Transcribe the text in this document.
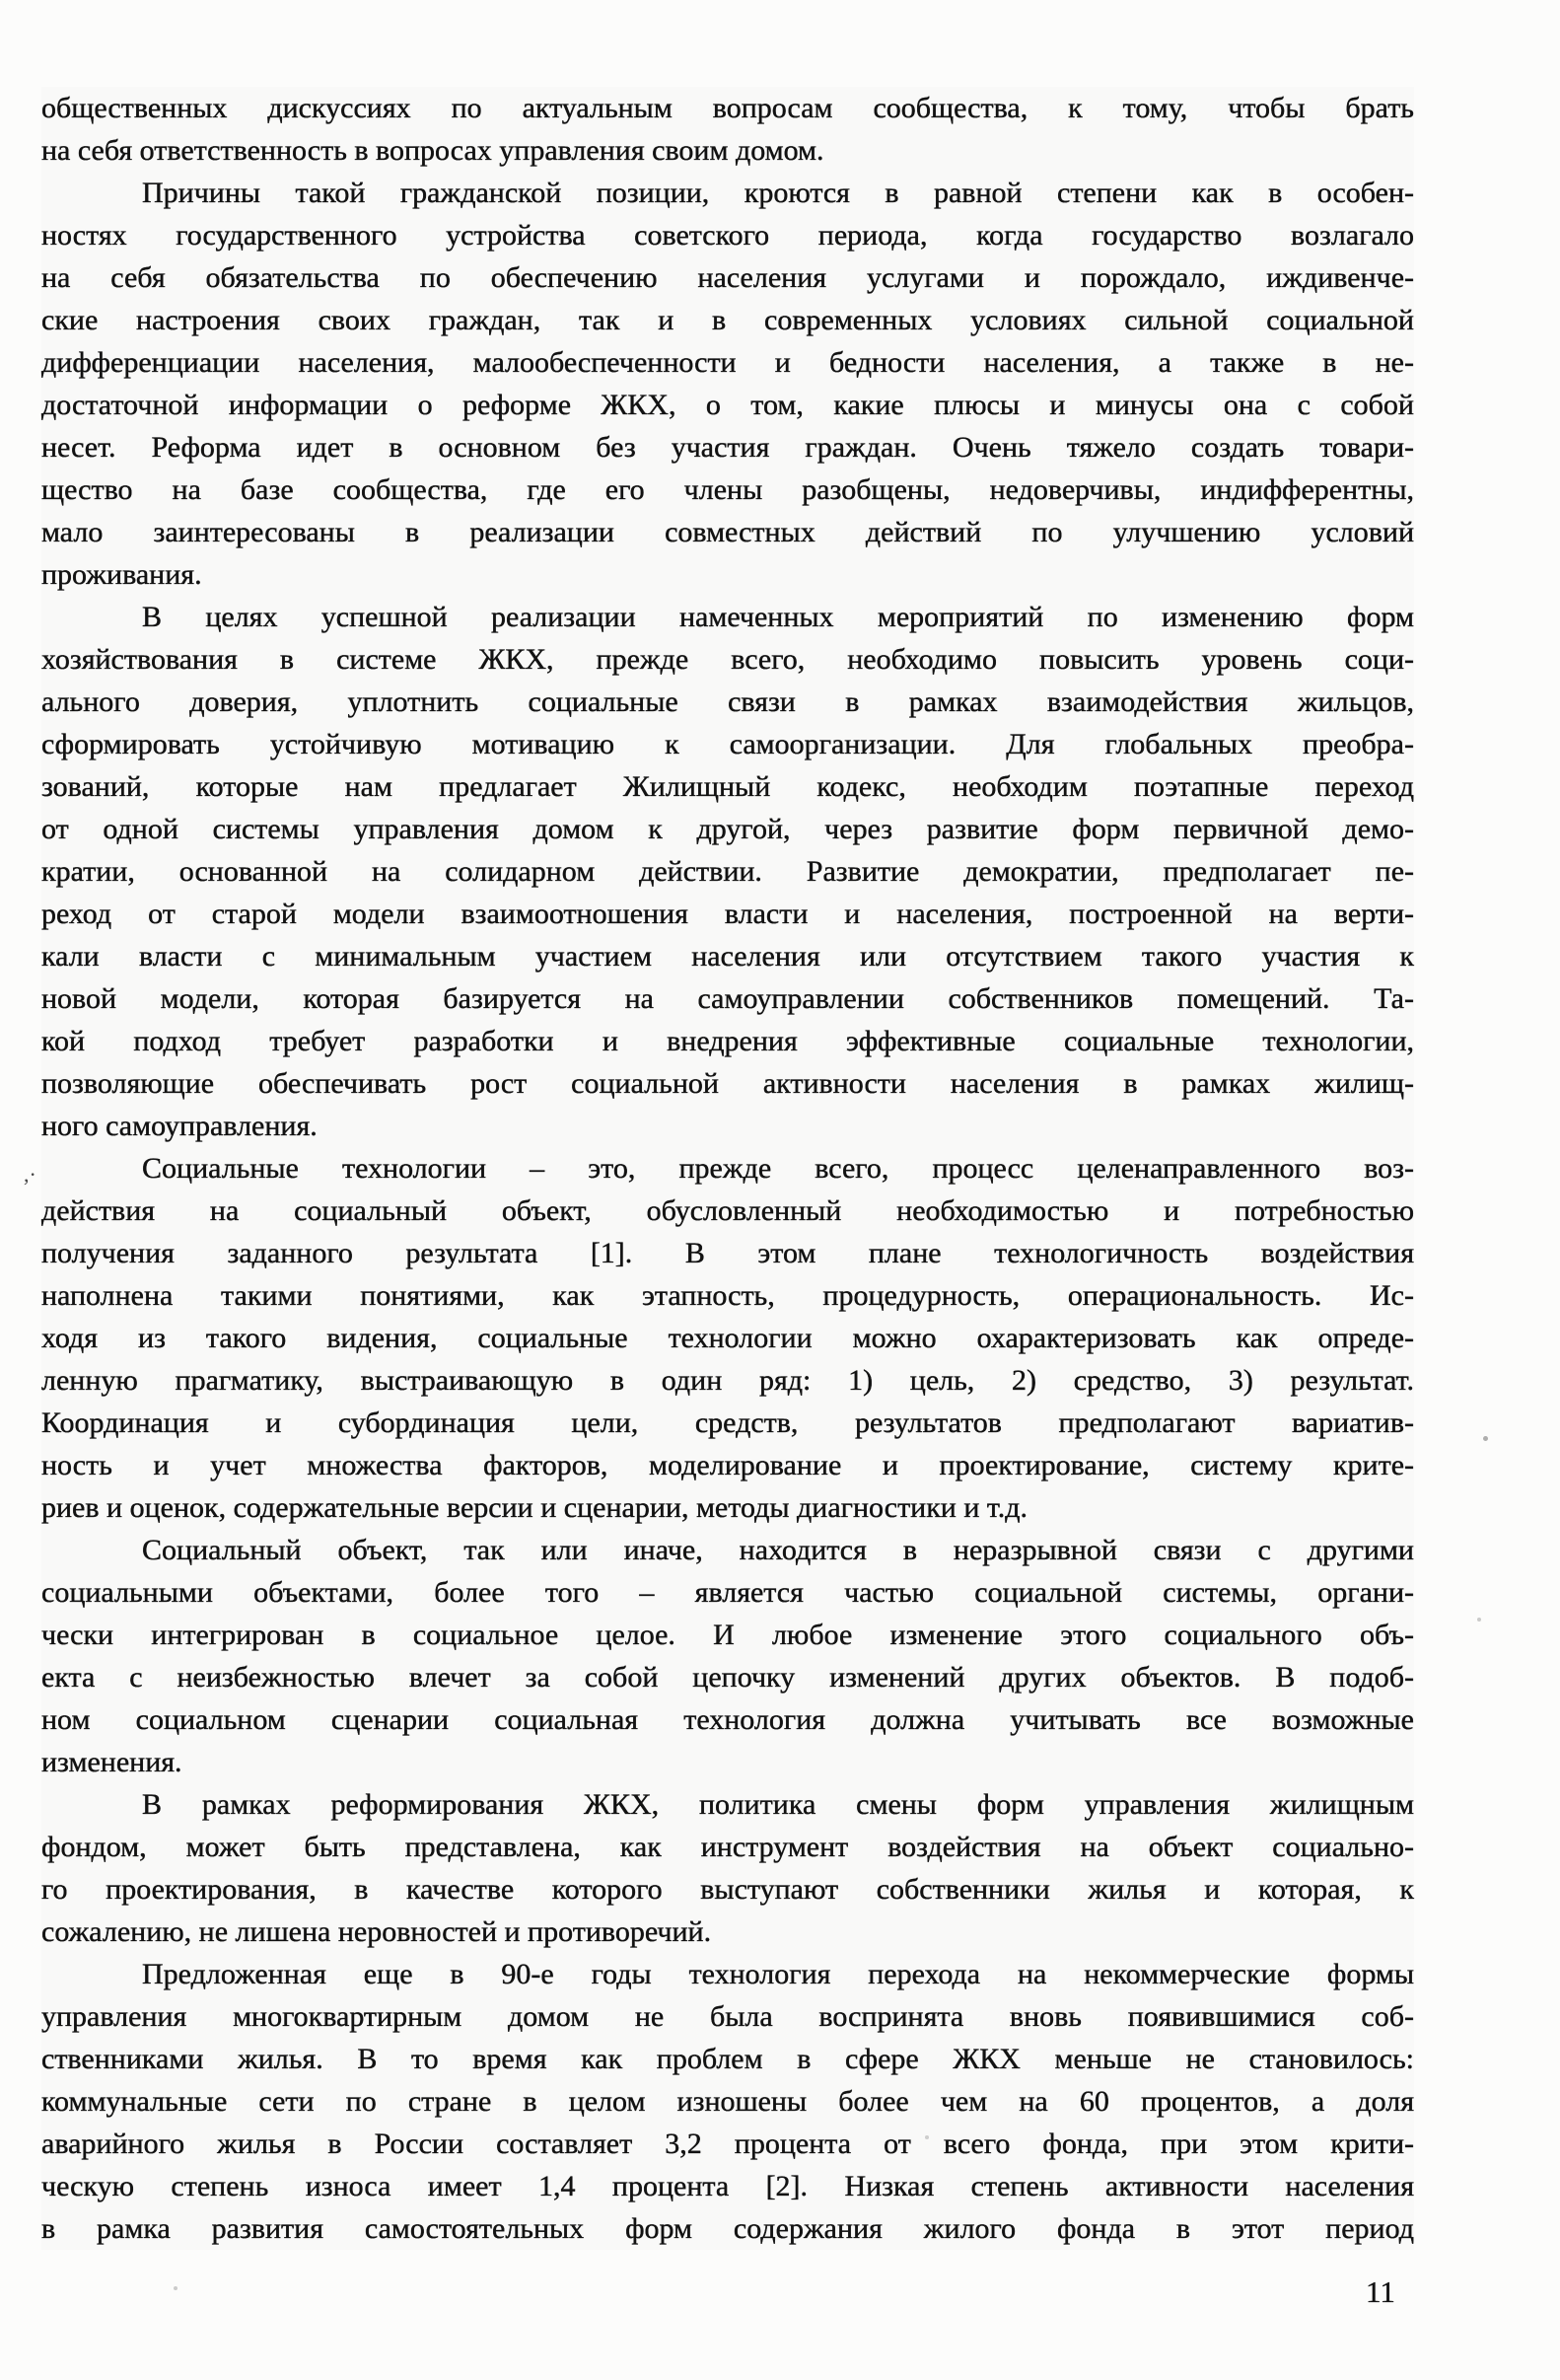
общественных дискуссиях по актуальным вопросам сообщества, к тому, чтобы брать
на себя ответственность в вопросах управления своим домом.
Причины такой гражданской позиции, кроются в равной степени как в особен-
ностях государственного устройства советского периода, когда государство возлагало
на себя обязательства по обеспечению населения услугами и порождало, иждивенче-
ские настроения своих граждан, так и в современных условиях сильной социальной
дифференциации населения, малообеспеченности и бедности населения, а также в не-
достаточной информации о реформе ЖКХ, о том, какие плюсы и минусы она с собой
несет. Реформа идет в основном без участия граждан. Очень тяжело создать товари-
щество на базе сообщества, где его члены разобщены, недоверчивы, индифферентны,
мало заинтересованы в реализации совместных действий по улучшению условий
проживания.
В целях успешной реализации намеченных мероприятий по изменению форм
хозяйствования в системе ЖКХ, прежде всего, необходимо повысить уровень соци-
ального доверия, уплотнить социальные связи в рамках взаимодействия жильцов,
сформировать устойчивую мотивацию к самоорганизации. Для глобальных преобра-
зований, которые нам предлагает Жилищный кодекс, необходим поэтапные переход
от одной системы управления домом к другой, через развитие форм первичной демо-
кратии, основанной на солидарном действии. Развитие демократии, предполагает пе-
реход от старой модели взаимоотношения власти и населения, построенной на верти-
кали власти с минимальным участием населения или отсутствием такого участия к
новой модели, которая базируется на самоуправлении собственников помещений. Та-
кой подход требует разработки и внедрения эффективные социальные технологии,
позволяющие обеспечивать рост социальной активности населения в рамках жилищ-
ного самоуправления.
Социальные технологии – это, прежде всего, процесс целенаправленного воз-
действия на социальный объект, обусловленный необходимостью и потребностью
получения заданного результата [1]. В этом плане технологичность воздействия
наполнена такими понятиями, как этапность, процедурность, операциональность. Ис-
ходя из такого видения, социальные технологии можно охарактеризовать как опреде-
ленную прагматику, выстраивающую в один ряд: 1) цель, 2) средство, 3) результат.
Координация и субординация цели, средств, результатов предполагают вариатив-
ность и учет множества факторов, моделирование и проектирование, систему крите-
риев и оценок, содержательные версии и сценарии, методы диагностики и т.д.
Социальный объект, так или иначе, находится в неразрывной связи с другими
социальными объектами, более того – является частью социальной системы, органи-
чески интегрирован в социальное целое. И любое изменение этого социального объ-
екта с неизбежностью влечет за собой цепочку изменений других объектов. В подоб-
ном социальном сценарии социальная технология должна учитывать все возможные
изменения.
В рамках реформирования ЖКХ, политика смены форм управления жилищным
фондом, может быть представлена, как инструмент воздействия на объект социально-
го проектирования, в качестве которого выступают собственники жилья и которая, к
сожалению, не лишена неровностей и противоречий.
Предложенная еще в 90-е годы технология перехода на некоммерческие формы
управления многоквартирным домом не была воспринята вновь появившимися соб-
ственниками жилья. В то время как проблем в сфере ЖКХ меньше не становилось:
коммунальные сети по стране в целом изношены более чем на 60 процентов, а доля
аварийного жилья в России составляет 3,2 процента от всего фонда, при этом крити-
ческую степень износа имеет 1,4 процента [2]. Низкая степень активности населения
в рамка развития самостоятельных форм содержания жилого фонда в этот период
,·
11
